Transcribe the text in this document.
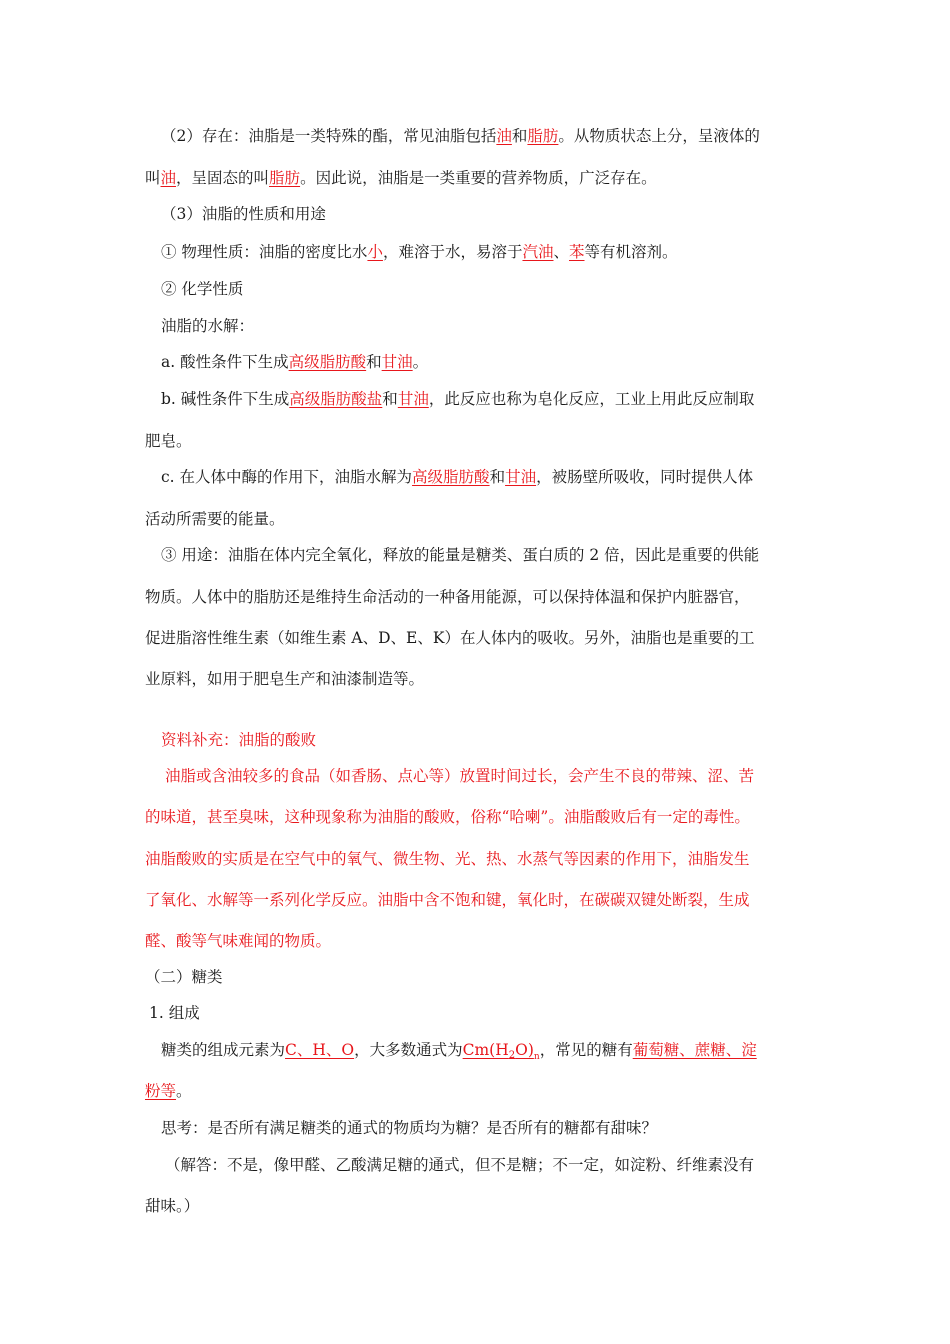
（2）存在：油脂是一类特殊的酯，常见油脂包括油和脂肪。从物质状态上分，呈液体的
叫油，呈固态的叫脂肪。因此说，油脂是一类重要的营养物质，广泛存在。
（3）油脂的性质和用途
① 物理性质：油脂的密度比水小，难溶于水，易溶于汽油、苯等有机溶剂。
② 化学性质
油脂的水解：
a. 酸性条件下生成高级脂肪酸和甘油。
b. 碱性条件下生成高级脂肪酸盐和甘油，此反应也称为皂化反应，工业上用此反应制取
肥皂。
c. 在人体中酶的作用下，油脂水解为高级脂肪酸和甘油，被肠壁所吸收，同时提供人体
活动所需要的能量。
③ 用途：油脂在体内完全氧化，释放的能量是糖类、蛋白质的 2 倍，因此是重要的供能
物质。人体中的脂肪还是维持生命活动的一种备用能源，可以保持体温和保护内脏器官，
促进脂溶性维生素（如维生素 A、D、E、K）在人体内的吸收。另外，油脂也是重要的工
业原料，如用于肥皂生产和油漆制造等。
资料补充：油脂的酸败
油脂或含油较多的食品（如香肠、点心等）放置时间过长，会产生不良的带辣、涩、苦
的味道，甚至臭味，这种现象称为油脂的酸败，俗称“哈喇”。油脂酸败后有一定的毒性。
油脂酸败的实质是在空气中的氧气、微生物、光、热、水蒸气等因素的作用下，油脂发生
了氧化、水解等一系列化学反应。油脂中含不饱和键，氧化时，在碳碳双键处断裂，生成
醛、酸等气味难闻的物质。
（二）糖类
1. 组成
糖类的组成元素为C、H、O，大多数通式为$Cm(H_2O)_n$，常见的糖有葡萄糖、蔗糖、淀
粉等。
思考：是否所有满足糖类的通式的物质均为糖？是否所有的糖都有甜味？
（解答：不是，像甲醛、乙酸满足糖的通式，但不是糖；不一定，如淀粉、纤维素没有
甜味。）
